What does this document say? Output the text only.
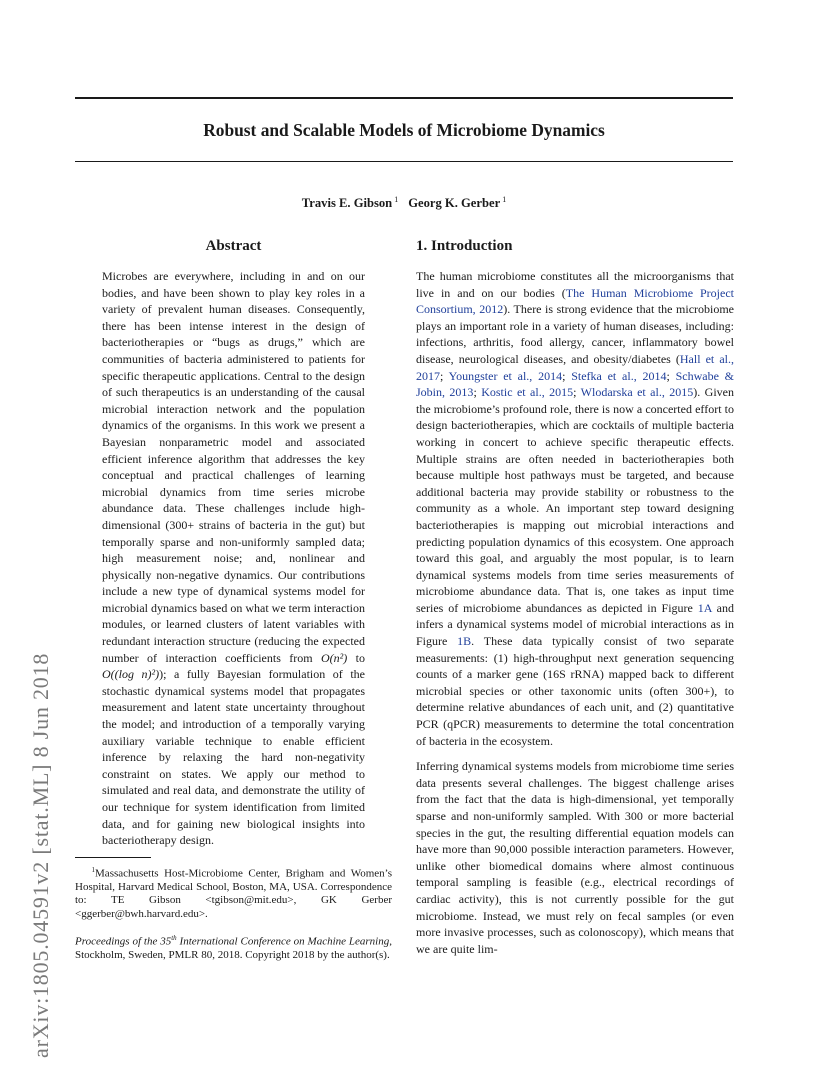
Robust and Scalable Models of Microbiome Dynamics
Travis E. Gibson $^1$ Georg K. Gerber $^1$
arXiv:1805.04591v2 [stat.ML] 8 Jun 2018
Abstract

Microbes are everywhere, including in and on our bodies, and have been shown to play key roles in a variety of prevalent human diseases. Consequently, there has been intense interest in the design of bacteriotherapies or “bugs as drugs,” which are communities of bacteria administered to patients for specific therapeutic applications. Central to the design of such therapeutics is an understanding of the causal microbial interaction network and the population dynamics of the organisms. In this work we present a Bayesian nonparametric model and associated efficient inference algorithm that addresses the key conceptual and practical challenges of learning microbial dynamics from time series microbe abundance data. These challenges include high-dimensional (300+ strains of bacteria in the gut) but temporally sparse and non-uniformly sampled data; high measurement noise; and, nonlinear and physically non-negative dynamics. Our contributions include a new type of dynamical systems model for microbial dynamics based on what we term interaction modules, or learned clusters of latent variables with redundant interaction structure (reducing the expected number of interaction coefficients from O(n²) to O((log n)²)); a fully Bayesian formulation of the stochastic dynamical systems model that propagates measurement and latent state uncertainty throughout the model; and introduction of a temporally varying auxiliary variable technique to enable efficient inference by relaxing the hard non-negativity constraint on states. We apply our method to simulated and real data, and demonstrate the utility of our technique for system identification from limited data, and for gaining new biological insights into bacteriotherapy design.

1. Introduction

The human microbiome constitutes all the microorganisms that live in and on our bodies (The Human Microbiome Project Consortium, 2012). There is strong evidence that the microbiome plays an important role in a variety of human diseases, including: infections, arthritis, food allergy, cancer, inflammatory bowel disease, neurological diseases, and obesity/diabetes (Hall et al., 2017; Youngster et al., 2014; Stefka et al., 2014; Schwabe & Jobin, 2013; Kostic et al., 2015; Wlodarska et al., 2015). Given the microbiome’s profound role, there is now a concerted effort to design bacteriotherapies, which are cocktails of multiple bacteria working in concert to achieve specific therapeutic effects. Multiple strains are often needed in bacteriotherapies both because multiple host pathways must be targeted, and because additional bacteria may provide stability or robustness to the community as a whole. An important step toward designing bacteriotherapies is mapping out microbial interactions and predicting population dynamics of this ecosystem. One approach toward this goal, and arguably the most popular, is to learn dynamical systems models from time series measurements of microbiome abundance data. That is, one takes as input time series of microbiome abundances as depicted in Figure 1A and infers a dynamical systems model of microbial interactions as in Figure 1B. These data typically consist of two separate measurements: (1) high-throughput next generation sequencing counts of a marker gene (16S rRNA) mapped back to different microbial species or other taxonomic units (often 300+), to determine relative abundances of each unit, and (2) quantitative PCR (qPCR) measurements to determine the total concentration of bacteria in the ecosystem.

Inferring dynamical systems models from microbiome time series data presents several challenges. The biggest challenge arises from the fact that the data is high-dimensional, yet temporally sparse and non-uniformly sampled. With 300 or more bacterial species in the gut, the resulting differential equation models can have more than 90,000 possible interaction parameters. However, unlike other biomedical domains where almost continuous temporal sampling is feasible (e.g., electrical recordings of cardiac activity), this is not currently possible for the gut microbiome. Instead, we must rely on fecal samples (or even more invasive processes, such as colonoscopy), which means that we are quite lim-

$^1$Massachusetts Host-Microbiome Center, Brigham and Women’s Hospital, Harvard Medical School, Boston, MA, USA. Correspondence to: TE Gibson <tgibson@mit.edu>, GK Gerber <ggerber@bwh.harvard.edu>.

Proceedings of the 35th International Conference on Machine Learning, Stockholm, Sweden, PMLR 80, 2018. Copyright 2018 by the author(s).
